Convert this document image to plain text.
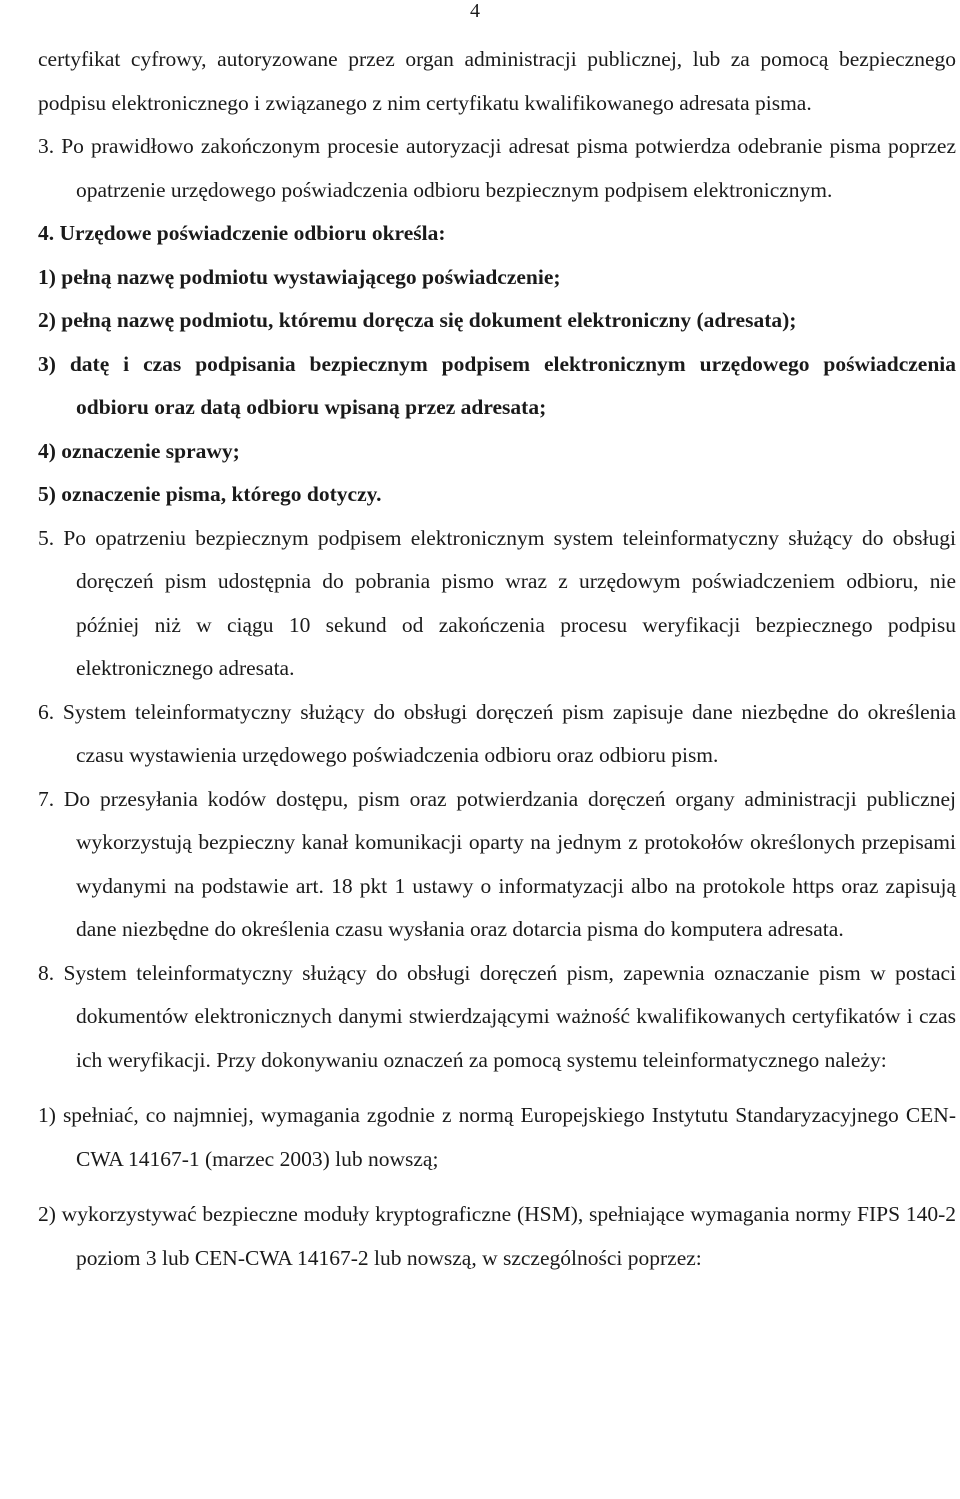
4

certyfikat cyfrowy, autoryzowane przez organ administracji publicznej, lub za pomocą bezpiecznego podpisu elektronicznego i związanego z nim certyfikatu kwalifikowanego adresata pisma.

3. Po prawidłowo zakończonym procesie autoryzacji adresat pisma potwierdza odebranie pisma poprzez opatrzenie urzędowego poświadczenia odbioru bezpiecznym podpisem elektronicznym.

4. Urzędowe poświadczenie odbioru określa:

1) pełną nazwę podmiotu wystawiającego poświadczenie;

2) pełną nazwę podmiotu, któremu doręcza się dokument elektroniczny (adresata);

3) datę i czas podpisania bezpiecznym podpisem elektronicznym urzędowego poświadczenia odbioru oraz datą odbioru wpisaną przez adresata;

4) oznaczenie sprawy;

5) oznaczenie pisma, którego dotyczy.

5. Po opatrzeniu bezpiecznym podpisem elektronicznym system teleinformatyczny służący do obsługi doręczeń pism udostępnia do pobrania pismo wraz z urzędowym poświadczeniem odbioru, nie później niż w ciągu 10 sekund od zakończenia procesu weryfikacji bezpiecznego podpisu elektronicznego adresata.

6. System teleinformatyczny służący do obsługi doręczeń pism zapisuje dane niezbędne do określenia czasu wystawienia urzędowego poświadczenia odbioru oraz odbioru pism.

7. Do przesyłania kodów dostępu, pism oraz potwierdzania doręczeń organy administracji publicznej wykorzystują bezpieczny kanał komunikacji oparty na jednym z protokołów określonych przepisami wydanymi na podstawie art. 18 pkt 1 ustawy o informatyzacji albo na protokole https oraz zapisują dane niezbędne do określenia czasu wysłania oraz dotarcia pisma do komputera adresata.

8. System teleinformatyczny służący do obsługi doręczeń pism, zapewnia oznaczanie pism w postaci dokumentów elektronicznych danymi stwierdzającymi ważność kwalifikowanych certyfikatów i czas ich weryfikacji. Przy dokonywaniu oznaczeń za pomocą systemu teleinformatycznego należy:

1) spełniać, co najmniej, wymagania zgodnie z normą Europejskiego Instytutu Standaryzacyjnego CEN-CWA 14167-1 (marzec 2003) lub nowszą;

2) wykorzystywać bezpieczne moduły kryptograficzne (HSM), spełniające wymagania normy FIPS 140-2 poziom 3 lub CEN-CWA 14167-2 lub nowszą, w szczególności poprzez:
